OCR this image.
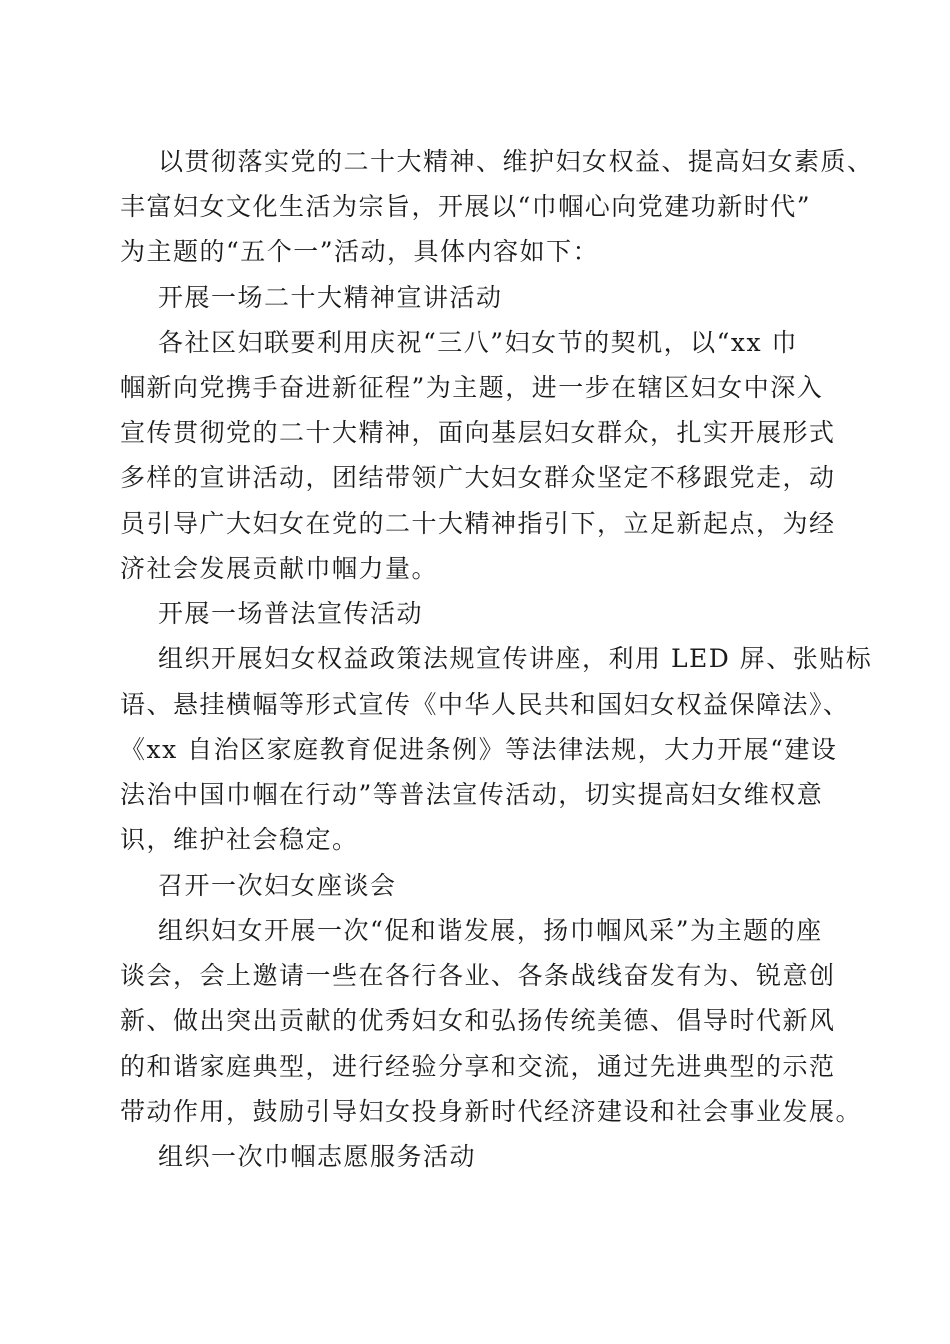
以贯彻落实党的二十大精神、维护妇女权益、提高妇女素质、

丰富妇女文化生活为宗旨，开展以“巾帼心向党建功新时代”

为主题的“五个一”活动，具体内容如下：

开展一场二十大精神宣讲活动

各社区妇联要利用庆祝“三八”妇女节的契机，以“xx 巾

帼新向党携手奋进新征程”为主题，进一步在辖区妇女中深入

宣传贯彻党的二十大精神，面向基层妇女群众，扎实开展形式

多样的宣讲活动，团结带领广大妇女群众坚定不移跟党走，动

员引导广大妇女在党的二十大精神指引下，立足新起点，为经

济社会发展贡献巾帼力量。

开展一场普法宣传活动

组织开展妇女权益政策法规宣传讲座，利用 LED 屏、张贴标

语、悬挂横幅等形式宣传《中华人民共和国妇女权益保障法》、

《xx 自治区家庭教育促进条例》等法律法规，大力开展“建设

法治中国巾帼在行动”等普法宣传活动，切实提高妇女维权意

识，维护社会稳定。

召开一次妇女座谈会

组织妇女开展一次“促和谐发展，扬巾帼风采”为主题的座

谈会，会上邀请一些在各行各业、各条战线奋发有为、锐意创

新、做出突出贡献的优秀妇女和弘扬传统美德、倡导时代新风

的和谐家庭典型，进行经验分享和交流，通过先进典型的示范

带动作用，鼓励引导妇女投身新时代经济建设和社会事业发展。

组织一次巾帼志愿服务活动
